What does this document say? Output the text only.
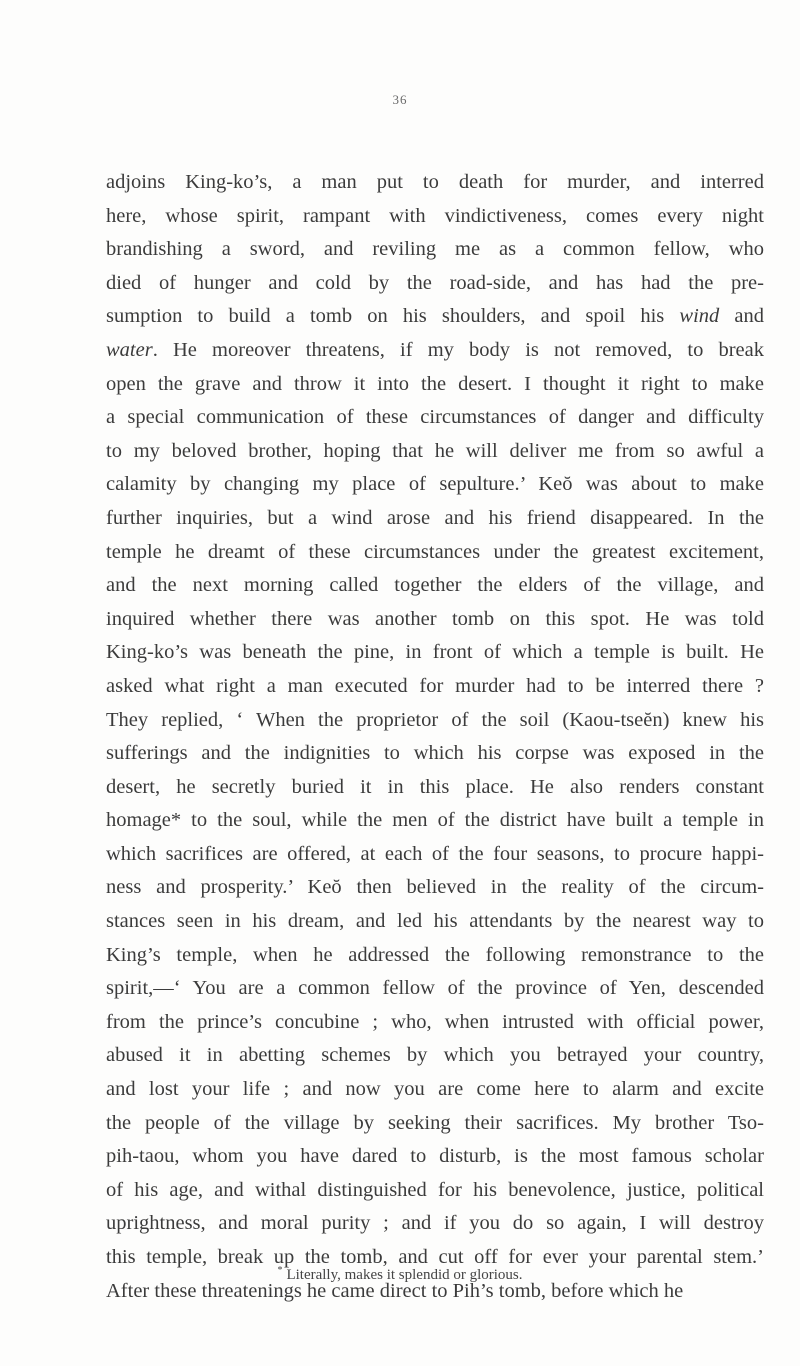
36
adjoins King-ko’s, a man put to death for murder, and interred
here, whose spirit, rampant with vindictiveness, comes every night
brandishing a sword, and reviling me as a common fellow, who
died of hunger and cold by the road-side, and has had the pre-
sumption to build a tomb on his shoulders, and spoil his wind and
water. He moreover threatens, if my body is not removed, to break
open the grave and throw it into the desert. I thought it right to make
a special communication of these circumstances of danger and difficulty
to my beloved brother, hoping that he will deliver me from so awful a
calamity by changing my place of sepulture.’ Keŏ was about to make
further inquiries, but a wind arose and his friend disappeared. In the
temple he dreamt of these circumstances under the greatest excitement,
and the next morning called together the elders of the village, and
inquired whether there was another tomb on this spot. He was told
King-ko’s was beneath the pine, in front of which a temple is built. He
asked what right a man executed for murder had to be interred there ?
They replied, ‘ When the proprietor of the soil (Kaou-tseĕn) knew his
sufferings and the indignities to which his corpse was exposed in the
desert, he secretly buried it in this place. He also renders constant
homage* to the soul, while the men of the district have built a temple in
which sacrifices are offered, at each of the four seasons, to procure happi-
ness and prosperity.’ Keŏ then believed in the reality of the circum-
stances seen in his dream, and led his attendants by the nearest way to
King’s temple, when he addressed the following remonstrance to the
spirit,—‘ You are a common fellow of the province of Yen, descended
from the prince’s concubine ; who, when intrusted with official power,
abused it in abetting schemes by which you betrayed your country,
and lost your life ; and now you are come here to alarm and excite
the people of the village by seeking their sacrifices. My brother Tso-
pih-taou, whom you have dared to disturb, is the most famous scholar
of his age, and withal distinguished for his benevolence, justice, political
uprightness, and moral purity ; and if you do so again, I will destroy
this temple, break up the tomb, and cut off for ever your parental stem.’
After these threatenings he came direct to Pih’s tomb, before which he
* Literally, makes it splendid or glorious.
